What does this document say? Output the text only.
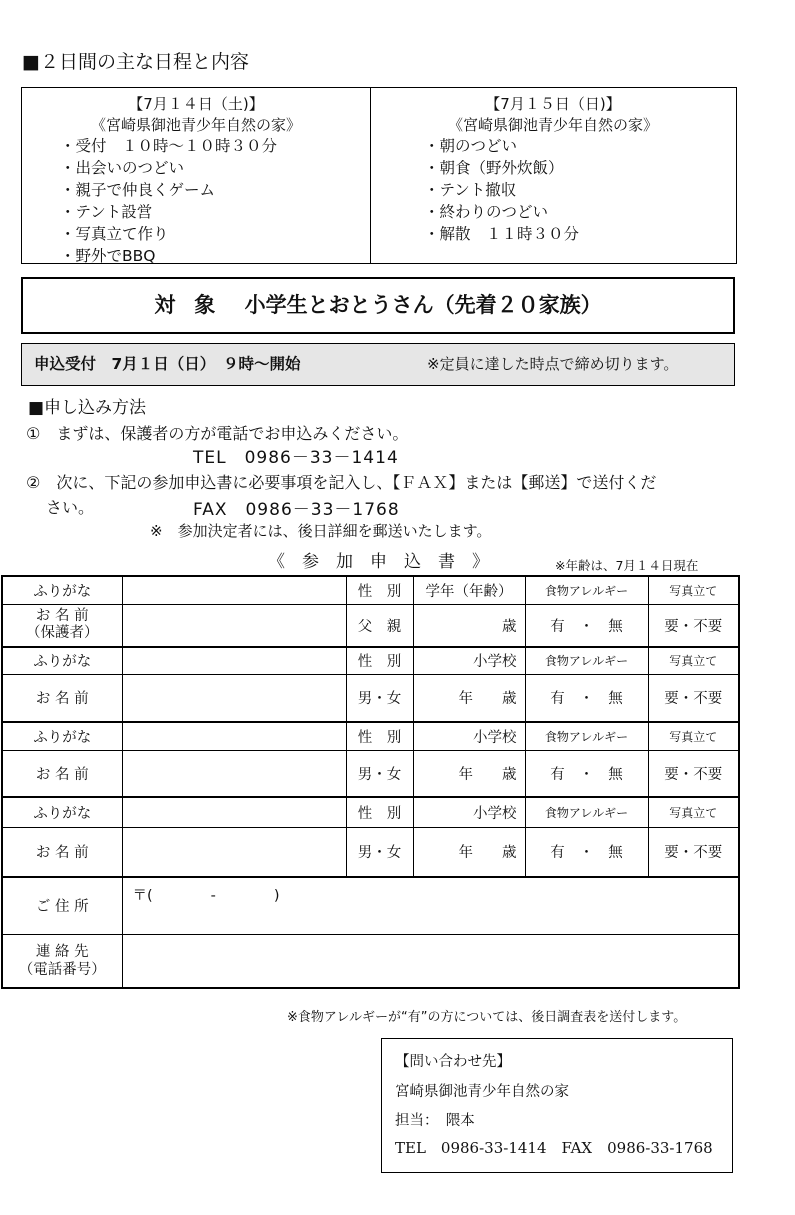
■２日間の主な日程と内容
【7月１４日（土)】
《宮崎県御池青少年自然の家》
・ 受付　１０時～１０時３０分
・ 出会いのつどい
・ 親子で仲良くゲーム
・ テント設営
・ 写真立て作り
・ 野外でBBQ
【7月１５日（日)】
《宮崎県御池青少年自然の家》
・ 朝のつどい
・ 朝食（野外炊飯）
・ テント撤収
・ 終わりのつどい
・ 解散　１１時３０分
対象 小学生とおとうさん（先着２０家族）
申込受付　7月１日（日）　９時～開始	※定員に達した時点で締め切ります。
■申し込み方法
①　まずは、保護者の方が電話でお申込みください。
TEL　0986－33－1414
②　次に、下記の参加申込書に必要事項を記入し、【ＦＡＸ】または【郵送】で送付くだ
さい。	FAX　0986－33－1768
※　参加決定者には、後日詳細を郵送いたします。
《　参　加　申　込　書　》	※年齢は、7月１４日現在
ふりがな		性　別	学年（年齢）	食物アレルギー	写真立て
お 名 前
（保護者）		父　親	歳	有　・　無	要・不要
ふりがな		性　別	小学校	食物アレルギー	写真立て
お 名 前		男・女	年　　歳	有　・　無	要・不要
ふりがな		性　別	小学校	食物アレルギー	写真立て
お 名 前		男・女	年　　歳	有　・　無	要・不要
ふりがな		性　別	小学校	食物アレルギー	写真立て
お 名 前		男・女	年　　歳	有　・　無	要・不要
ご 住 所	〒(　　　　-　　　　)				
連 絡 先
（電話番号）					
※食物アレルギーが“有”の方については、後日調査表を送付します。
【問い合わせ先】
宮崎県御池青少年自然の家
担当：　隈本
TEL　0986-33-1414　FAX　0986-33-1768
